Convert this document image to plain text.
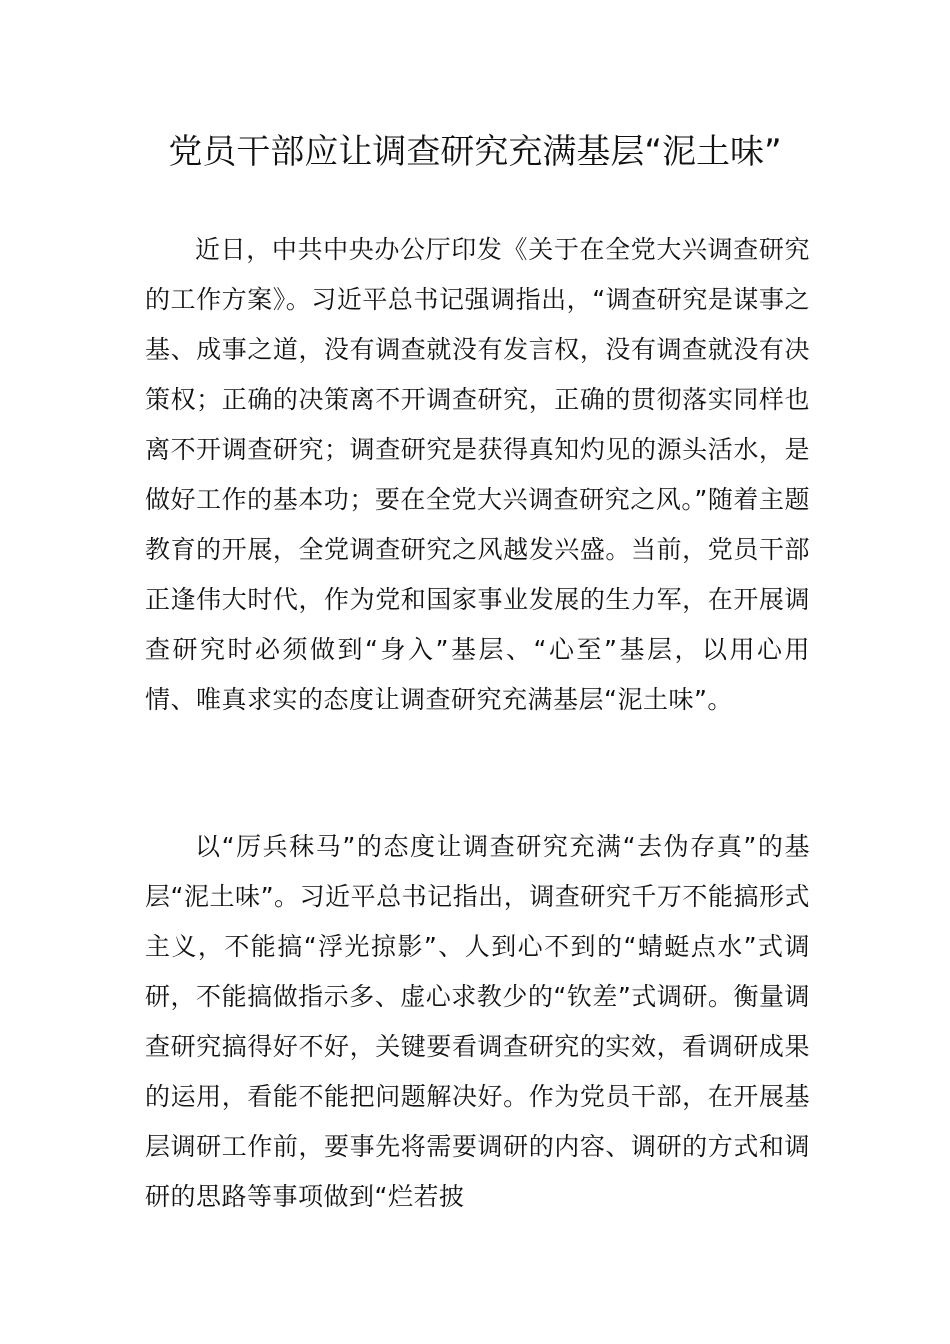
党员干部应让调查研究充满基层“泥土味”

近日，中共中央办公厅印发《关于在全党大兴调查研究的工作方案》。习近平总书记强调指出，“调查研究是谋事之基、成事之道，没有调查就没有发言权，没有调查就没有决策权；正确的决策离不开调查研究，正确的贯彻落实同样也离不开调查研究；调查研究是获得真知灼见的源头活水，是做好工作的基本功；要在全党大兴调查研究之风。”随着主题教育的开展，全党调查研究之风越发兴盛。当前，党员干部正逢伟大时代，作为党和国家事业发展的生力军，在开展调查研究时必须做到“身入”基层、“心至”基层，以用心用情、唯真求实的态度让调查研究充满基层“泥土味”。

以“厉兵秣马”的态度让调查研究充满“去伪存真”的基层“泥土味”。习近平总书记指出，调查研究千万不能搞形式主义，不能搞“浮光掠影”、人到心不到的“蜻蜓点水”式调研，不能搞做指示多、虚心求教少的“钦差”式调研。衡量调查研究搞得好不好，关键要看调查研究的实效，看调研成果的运用，看能不能把问题解决好。作为党员干部，在开展基层调研工作前，要事先将需要调研的内容、调研的方式和调研的思路等事项做到“烂若披
